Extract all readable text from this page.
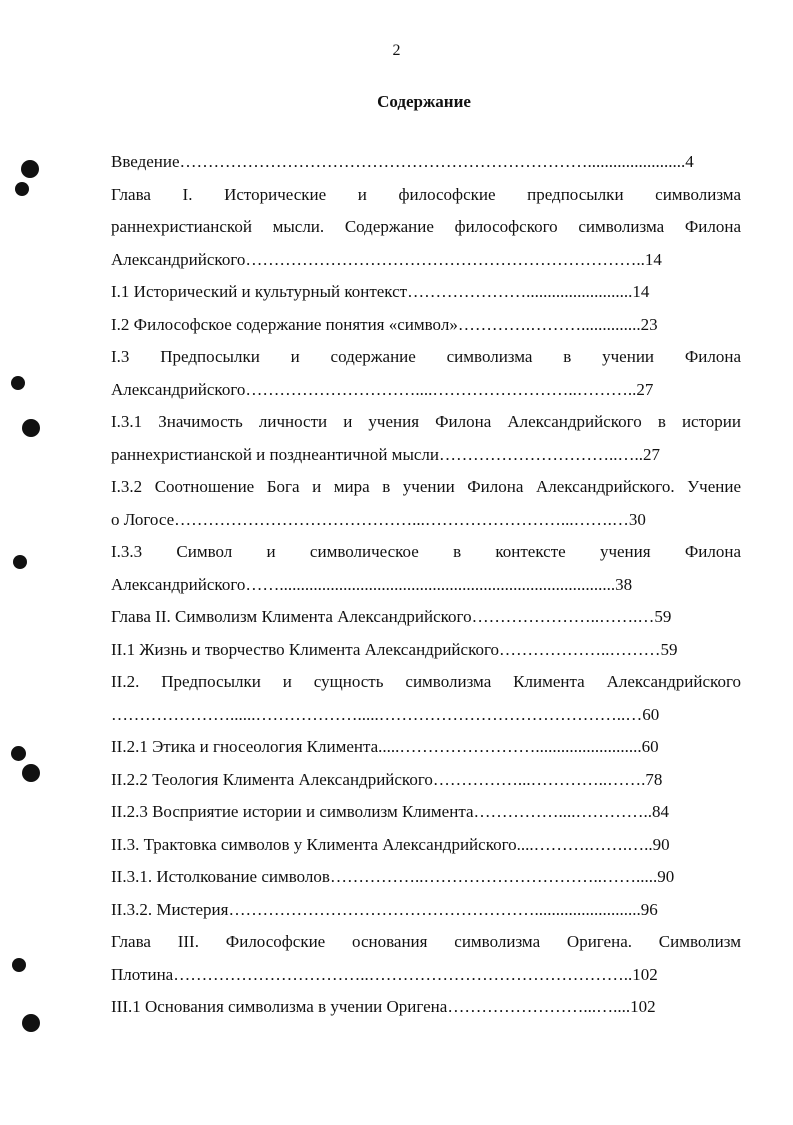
2
Содержание
Введение……………………………………………………………….......................4
Глава I. Исторические и философские предпосылки символизма
раннехристианской мысли. Содержание философского символизма Филона
Александрийского……………………………………………………………..14
I.1 Исторический и культурный контекст………………….........................14
I.2 Философское содержание понятия «символ»………….………..............23
I.3 Предпосылки и содержание символизма в учении Филона
Александрийского…………………………....……………………..………..27
I.3.1 Значимость личности и учения Филона Александрийского в истории
раннехристианской и позднеантичной мысли…………………………..…..27
I.3.2 Соотношение Бога и мира в учении Филона Александрийского. Учение
о Логосе……………………………………...……………………...…….…30
I.3.3 Символ и символическое в контексте учения Филона
Александрийского……...............................................................................38
Глава II. Символизм Климента Александрийского…………………..…….…59
II.1 Жизнь и творчество Климента Александрийского………………..………59
II.2. Предпосылки и сущность символизма Климента Александрийского
…………………......……………….....……………………………………..…60
II.2.1 Этика и гносеология Климента.....…………………….........................60
II.2.2 Теология Климента Александрийского……………...…………..…….78
II.2.3 Восприятие истории и символизм Климента……………....…………..84
II.3. Трактовка символов у Климента Александрийского....……….…….…..90
II.3.1. Истолкование символов……………..…………………………..…….....90
II.3.2. Мистерия……………………………………………….........................96
Глава III. Философские основания символизма Оригена. Символизм
Плотина……………………………..………………………………………..102
III.1 Основания символизма в учении Оригена……………………...…....102
